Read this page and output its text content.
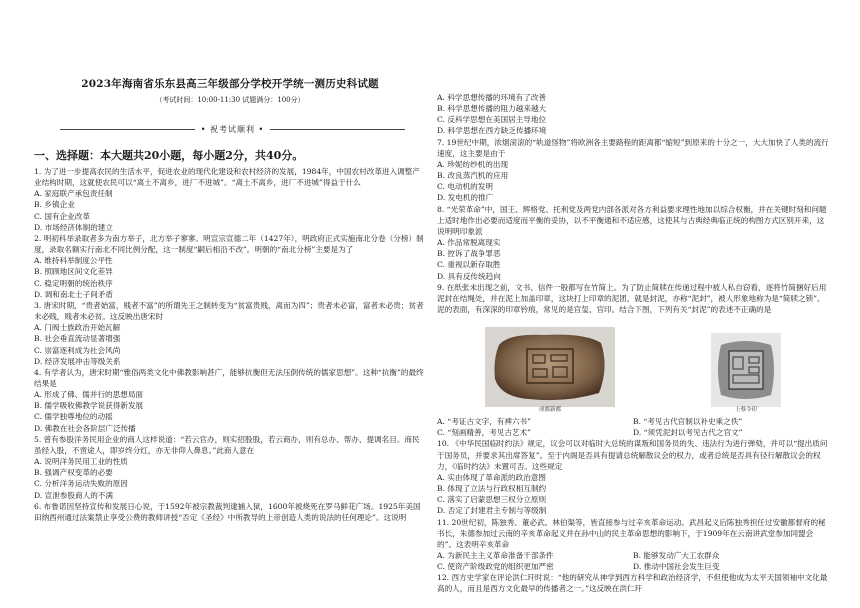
2023年海南省乐东县高三年级部分学校开学统一测历史科试题
（考试时间：10:00-11:30 试题满分：100分）
• 祝考试顺利 •
一、选择题：本大题共20小题，每小题2分，共40分。

1. 为了进一步提高农民的生活水平，促进农业的现代化建设和农村经济的发展，1984年，中国农村改革进入调整产业结构时期，这就使农民可以“离土不离乡，进厂不进城”。“离土不离乡，进厂不进城”得益于什么

A. 家庭联产承包责任制

B. 乡镇企业

C. 国有企业改革

D. 市场经济体制的建立

2. 明初科举录取者多为南方举子，北方举子寥寥。明宣宗宣德二年（1427年），明政府正式实施南北分卷（分榜）制度，录取名额实行南北不同比例分配，这一制度“嗣后相沿不改”。明朝的“南北分榜”主要是为了

A. 维持科举制度公平性

B. 照顾地区间文化差异

C. 稳定明朝的统治秩序

D. 调和南北士子间矛盾

3. 唐宋时期，“贵者始富，贱者不富”的所谓先王之制转变为“贫富贵贱，离而为四”；贵者未必富，富者未必贵；贫者未必贱，贱者未必贫。这反映出唐宋时

A. 门阀士族政治开始瓦解

B. 社会垂直流动显著增强

C. 崇富逐利成为社会风尚

D. 经济发展冲击等级关系

4. 有学者认为，唐宋时期“雅俗两类文化中佛教影响甚广，能够抗衡但无法压倒传统的儒家思想”。这种“抗衡”的最终结果是

A. 形成了佛、儒并行的思想局面

B. 儒学吸收佛教学说获得新发展

C. 儒学独尊地位的动摇

D. 佛教在社会各阶层广泛传播

5. 曾有参股洋务民用企业的商人这样说道：“若云官办，则实招股股，若云商办，则有总办、帮办、提调名目。商民虽经入股，不啻途人，即岁终分红，亦无非仰人鼻息。”此商人意在

A. 说明洋务民用工业的性质

B. 强调产权变革的必要

C. 分析洋务运动失败的原因

D. 宣泄参股商人的不满

6. 布鲁诺因坚持宣传和发展日心说，于1592年被宗教裁判逮捕入狱，1600年被烧死在罗马鲜花广场。1925年美国田纳西州通过法案禁止享受公费的教师讲授“否定《圣经》中所教导的上帝创造人类的说法的任何理论”。这说明

A. 科学思想传播的环境有了改善

B. 科学思想传播的阻力越来越大

C. 反科学思想在美国居主导地位

D. 科学思想在西方缺乏传播环境

7. 19世纪中期，浓烟滚滚的“轨道怪物”将欧洲各主要路程的距离都“缩短”到原来的十分之一，大大加快了人类的流行速度，这主要是由于

A. 珍妮纺纱机的出现

B. 改良蒸汽机的应用

C. 电动机的发明

D. 发电机的推广

8. “光荣革命”中，国王、辉格党、托利党及两党内部各派对各方利益要求理性地加以综合权衡，并在关键时刻和问题上适时地作出必要而适度而平衡的妥协，以不平衡通和不适应感，这使其与古典经典临正统的构图方式区别开来，这说明明印象派

A. 作品常脱离现实

B. 控诉了战争罪恶

C. 重视以新存取胜

D. 具有反传统趋向

9. 在纸张未出现之前，文书、信件一般都写在竹简上。为了防止简牍在传递过程中被人私自窃看，逐将竹简捆好后用泥封在结绳处，并在泥上加盖印章，这块打上印章的泥团，就是封泥，亦称“泥封”，被人形象地称为是“简牍之锁”。泥的表面，有深深的印章钤痕，常见的是官玺、官印。结合下图，下列有关“封泥”的表述不正确的是

成都新都	上蔡令印
A. “考证古文字，有裨六书”	B. “考见古代官制以补史乘之佚”
C. “刻画精善，考见古艺术”	D. “须凭泥封以考见古代之官文”

10. 《中华民国临时约法》规定，议会可以对临时大总统的谋叛和国务员的失、违法行为进行弹劾，并可以“提出质问于国务员，并要求其出席答复”。至于内阁是否具有提请总统解散议会的权力，或者总统是否具有径行解散议会的权力，《临时约法》未置可否。这些规定

A. 实由体现了革命派的政治意图

B. 体现了立法与行政权相互制约

C. 落实了启蒙思想三权分立原则

D. 否定了封建君主专制与等级制

11. 20世纪初，陈独秀、董必武、林伯渠等，皆直接参与过辛亥革命运动。武昌起义后陈独秀担任过安徽都督府的秘书长，朱德参加过云南的辛亥革命起义并在孙中山的民主革命思想的影响下，于1909年在云南讲武堂参加同盟会的”。这表明辛亥革命

A. 为新民主主义革命准备干部条件	B. 能够发动广大工农群众
C. 使资产阶级政党的组织更加严密	D. 推动中国社会发生巨变

12. 西方史学家在评论洪仁玕时说：“他的研究从神学到西方科学和政治经济学，不但使他成为太平天国领袖中文化最高的人，而且是西方文化最早的传播者之一。”这反映在洪仁玕
